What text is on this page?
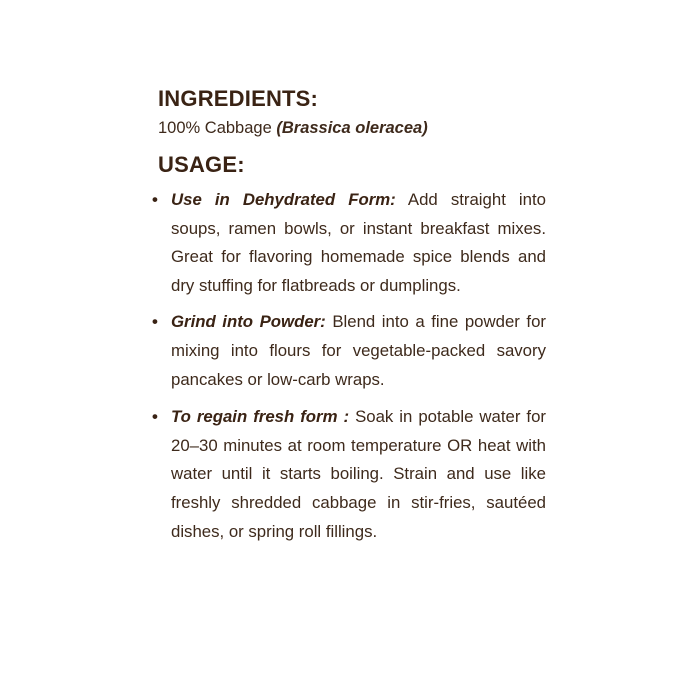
INGREDIENTS:

100% Cabbage (Brassica oleracea)

USAGE:
• Use in Dehydrated Form: Add straight into soups, ramen bowls, or instant breakfast mixes. Great for flavoring homemade spice blends and dry stuffing for flatbreads or dumplings.
• Grind into Powder: Blend into a fine powder for mixing into flours for vegetable-packed savory pancakes or low-carb wraps.
• To regain fresh form : Soak in potable water for 20–30 minutes at room temperature OR heat with water until it starts boiling. Strain and use like freshly shredded cabbage in stir-fries, sautéed dishes, or spring roll fillings.
